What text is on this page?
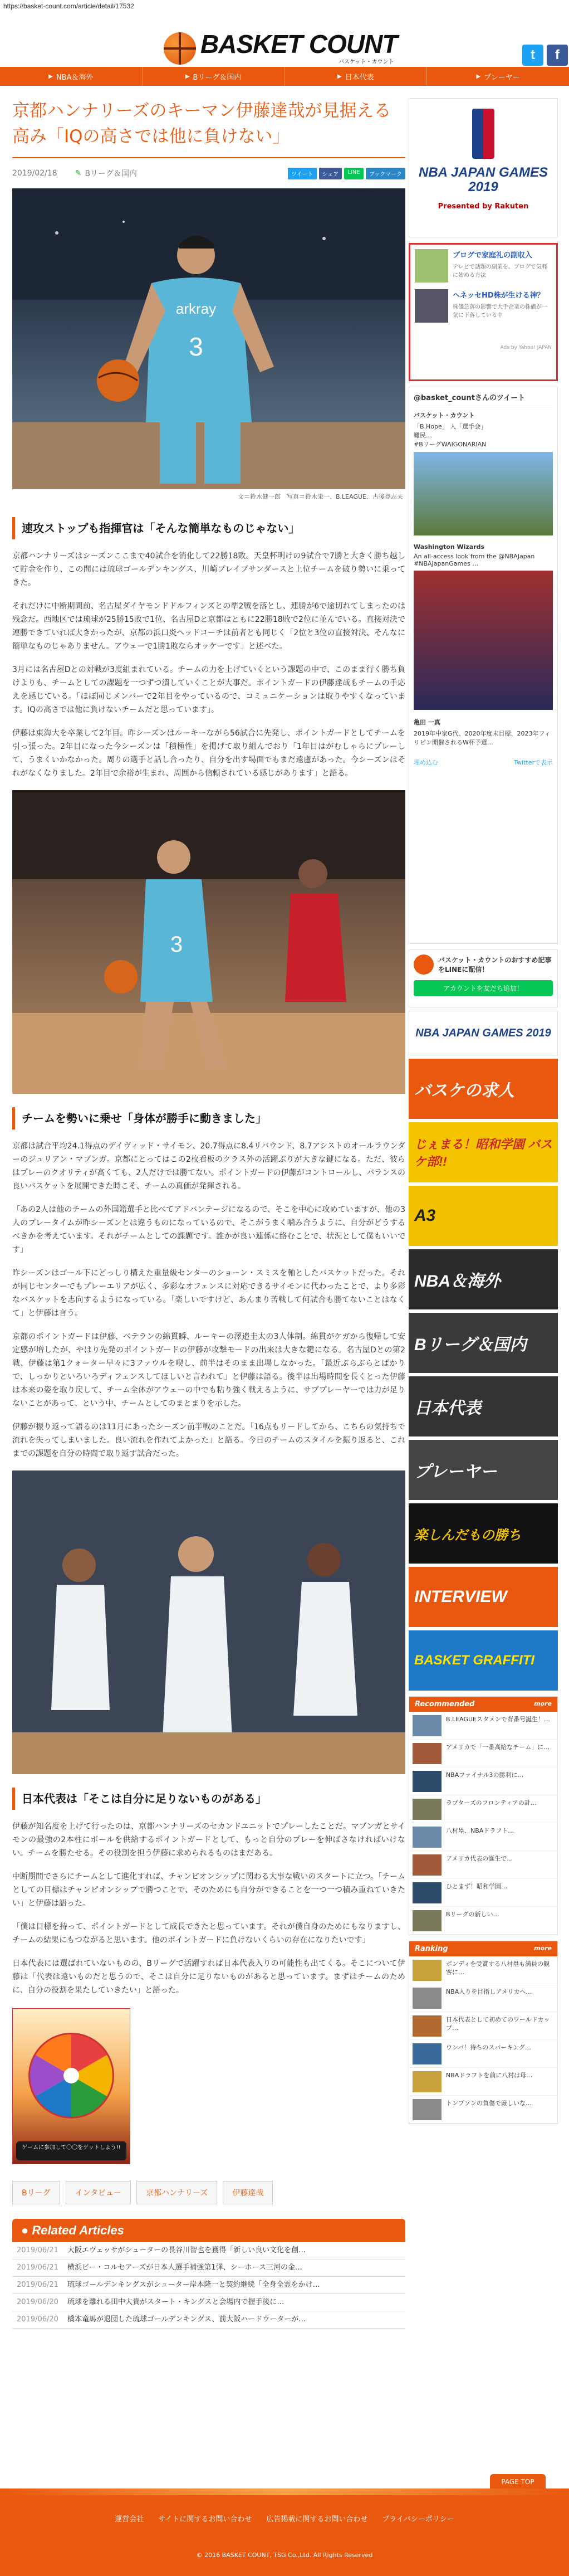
https://basket-count.com/article/detail/17532
BASKET COUNT
バスケット・カウント	t	f
▶ NBA＆海外	▶ Bリーグ＆国内	▶ 日本代表	▶ プレーヤー
京都ハンナリーズのキーマン伊藤達哉が見据える高み「IQの高さでは他に負けない」
2019/02/18 ✎ Bリーグ＆国内	ツイート	シェア	LINE	ブックマーク
3
arkray
文＝鈴木健一郎　写真＝鈴木栄一、B.LEAGUE、古後登志夫
速攻ストップも指揮官は「そんな簡単なものじゃない」

京都ハンナリーズはシーズンここまで40試合を消化して22勝18敗。天皇杯明けの9試合で7勝と大きく勝ち越して貯金を作り、この間には琉球ゴールデンキングス、川崎ブレイブサンダースと上位チームを破り勢いに乗ってきた。

それだけに中断期間前、名古屋ダイヤモンドドルフィンズとの準2戦を落とし、連勝が6で途切れてしまったのは残念だ。西地区では琉球が25勝15敗で1位、名古屋Dと京都はともに22勝18敗で2位に並んでいる。直接対決で連勝できていれば大きかったが、京都の浜口炎ヘッドコーチは前者とも同じく「2位と3位の直接対決、そんなに簡単なものじゃありません。アウェーで1勝1敗ならオッケーです」と述べた。

3月には名古屋Dとの対戦が3度組まれている。チームの力を上げていくという課題の中で、このまま行く勝ち負けよりも、チームとしての課題を一つずつ潰していくことが大事だ。ポイントガードの伊藤達哉もチームの手応えを感じている。「ほぼ同じメンバーで2年目をやっているので、コミュニケーションは取りやすくなっています。IQの高さでは他に負けないチームだと思っています」。

伊藤は東海大を卒業して2年目。昨シーズンはルーキーながら56試合に先発し、ポイントガードとしてチームを引っ張った。2年目になった今シーズンは「積極性」を掲げて取り組んでおり「1年目はがむしゃらにプレーして、うまくいかなかった。周りの選手と話し合ったり、自分を出す場面でもまだ遠慮があった。今シーズンはそれがなくなりました。2年目で余裕が生まれ、周囲から信頼されている感じがあります」と語る。

3
チームを勢いに乗せ「身体が勝手に動きました」

京都は試合平均24.1得点のデイヴィッド・サイモン、20.7得点に8.4リバウンド、8.7アシストのオールラウンダーのジュリアン・マブンガ。京都にとってはこの2枚看板のクラス外の活躍ぶりが大きな鍵になる。ただ、彼らはプレーのクオリティが高くても、2人だけでは勝てない。ポイントガードの伊藤がコントロールし、バランスの良いバスケットを展開できた時こそ、チームの真価が発揮される。

「あの2人は他のチームの外国籍選手と比べてアドバンテージになるので、そこを中心に攻めていますが、他の3人のプレータイムが昨シーズンとは違うものになっているので、そこがうまく噛み合うように、自分がどうするべきかを考えています。それがチームとしての課題です。誰かが良い連係に絡むことで、状況として僕もいいです」

昨シーズンはゴール下にどっしり構えた重量級センターのショーン・スミスを軸としたバスケットだった。それが同じセンターでもプレーエリアが広く、多彩なオフェンスに対応できるサイモンに代わったことで、より多彩なバスケットを志向するようになっている。「楽しいですけど、あんまり苦戦して何試合も勝てないことはなくて」と伊藤は言う。

京都のポイントガードは伊藤、ベテランの綿貫瞬、ルーキーの澤邉圭太の3人体制。綿貫がケガから復帰して安定感が増したが、やはり先発のポイントガードの伊藤が攻撃モードの出来は大きな鍵になる。名古屋Dとの第2戦、伊藤は第1クォーター早々に3ファウルを喫し、前半はそのまま出場しなかった。「最近ぶらぶらとばかりで、しっかりといろいろディフェンスしてほしいと言われて」と伊藤は語る。後半は出場時間を長くとった伊藤は本来の姿を取り戻して、チーム全体がアウェーの中でも粘り強く戦えるように、サブプレーヤーでは力が足りないことがあって、という中、チームとしてのまとまりを示した。

伊藤が振り返って語るのは11月にあったシーズン前半戦のことだ。「16点もリードしてから、こちらの気持ちで流れを失ってしまいました。良い流れを作れてよかった」と語る。今日のチームのスタイルを振り返ると、これまでの課題を自分の時間で取り返す試合だった。

日本代表は「そこは自分に足りないものがある」

伊藤が知名度を上げて行ったのは、京都ハンナリーズのセカンドユニットでプレーしたことだ。マブンガとサイモンの最強の2本柱にボールを供給するポイントガードとして、もっと自分のプレーを伸ばさなければいけない。チームを勝たせる。その役割を担う伊藤に求められるものはまだある。

中断期間でさらにチームとして進化すれば、チャンピオンシップに関わる大事な戦いのスタートに立つ。「チームとしての目標はチャンピオンシップで勝つことで、そのためにも自分ができることを一つ一つ積み重ねていきたい」と伊藤は語った。

「僕は目標を持って、ポイントガードとして成長できたと思っています。それが僕自身のためにもなりますし、チームの結果にもつながると思います。他のポイントガードに負けないくらいの存在になりたいです」

日本代表には選ばれていないものの、Bリーグで活躍すれば日本代表入りの可能性も出てくる。そこについて伊藤は「代表は遠いものだと思うので、そこは自分に足りないものがあると思っています。まずはチームのために、自分の役割を果たしていきたい」と語った。

ゲームに参加して〇〇をゲットしよう!!
Bリーグ	インタビュー	京都ハンナリーズ	伊藤達哉
● Related Articles
2019/06/21 大阪エヴェッサがシューターの長谷川智也を獲得「新しい良い文化を創…
2019/06/21 横浜ビー・コルセアーズが日本人選手補強第1弾、シーホース三河の金…
2019/06/21 琉球ゴールデンキングスがシューター岸本隆一と契約継続「全身全霊をかけ…
2019/06/20 琉球を離れる田中大貴がスタート・キングスと会場内で握手後に…
2019/06/20 橋本竜馬が退団した琉球ゴールデンキングス、前大阪ハードウーターが…
NBA JAPAN GAMES 2019
Presented by Rakuten
ブログで家庭礼の副収入
テレビで話題の副業を、ブログで気軽に始める方法
ヘネッセHD株が生ける神？
株価急落の影響で大手企業の株価が一気に下落している中
Ads by Yahoo! JAPAN
@basket_countさんのツイート
バスケット・カウント
「B.Hope」 人「選手会」
難民…
#BリーグWAIGONARIAN
Washington Wizards
An all-access look from the @NBAJapan #NBAJapanGames …
亀田 一真
2019年中家G代、2020年度末目標、2023年フィリピン開催されるW杯予選…
埋め込む	Twitterで表示
バスケット・カウントのおすすめ記事をLINEに配信！
アカウントを友だち追加！
NBA JAPAN GAMES 2019
バスケの求人
じぇまる！昭和学園 バスケ部!!
A3
NBA＆海外
Bリーグ＆国内
日本代表
プレーヤー
楽しんだもの勝ち
INTERVIEW
BASKET GRAFFITI
Recommended	more
B.LEAGUEスタメンで背番号誕生！…
アメリカで「一番高給なチーム」に…
NBAファイナル3の勝利に…
ラプターズのフロンティアの計…
八村塁、NBAドラフト…
アメリカ代表の誕生で…
ひとまず！昭和学園…
Bリーグの新しい…
Ranking	more
ボンディを受賞する八村塁も満員の観客に…
NBA入りを目指しアメリカへ…
日本代表として初めてのワールドカップ…
ウンパ！待ちのスパーキング…
NBAドラフトを前に八村は母…
トンプソンの負傷で厳しいな…
PAGE TOP
運営会社 サイトに関するお問い合わせ 広告掲載に関するお問い合わせ プライバシーポリシー
© 2016 BASKET COUNT, TSG Co.,Ltd. All Rights Reserved
